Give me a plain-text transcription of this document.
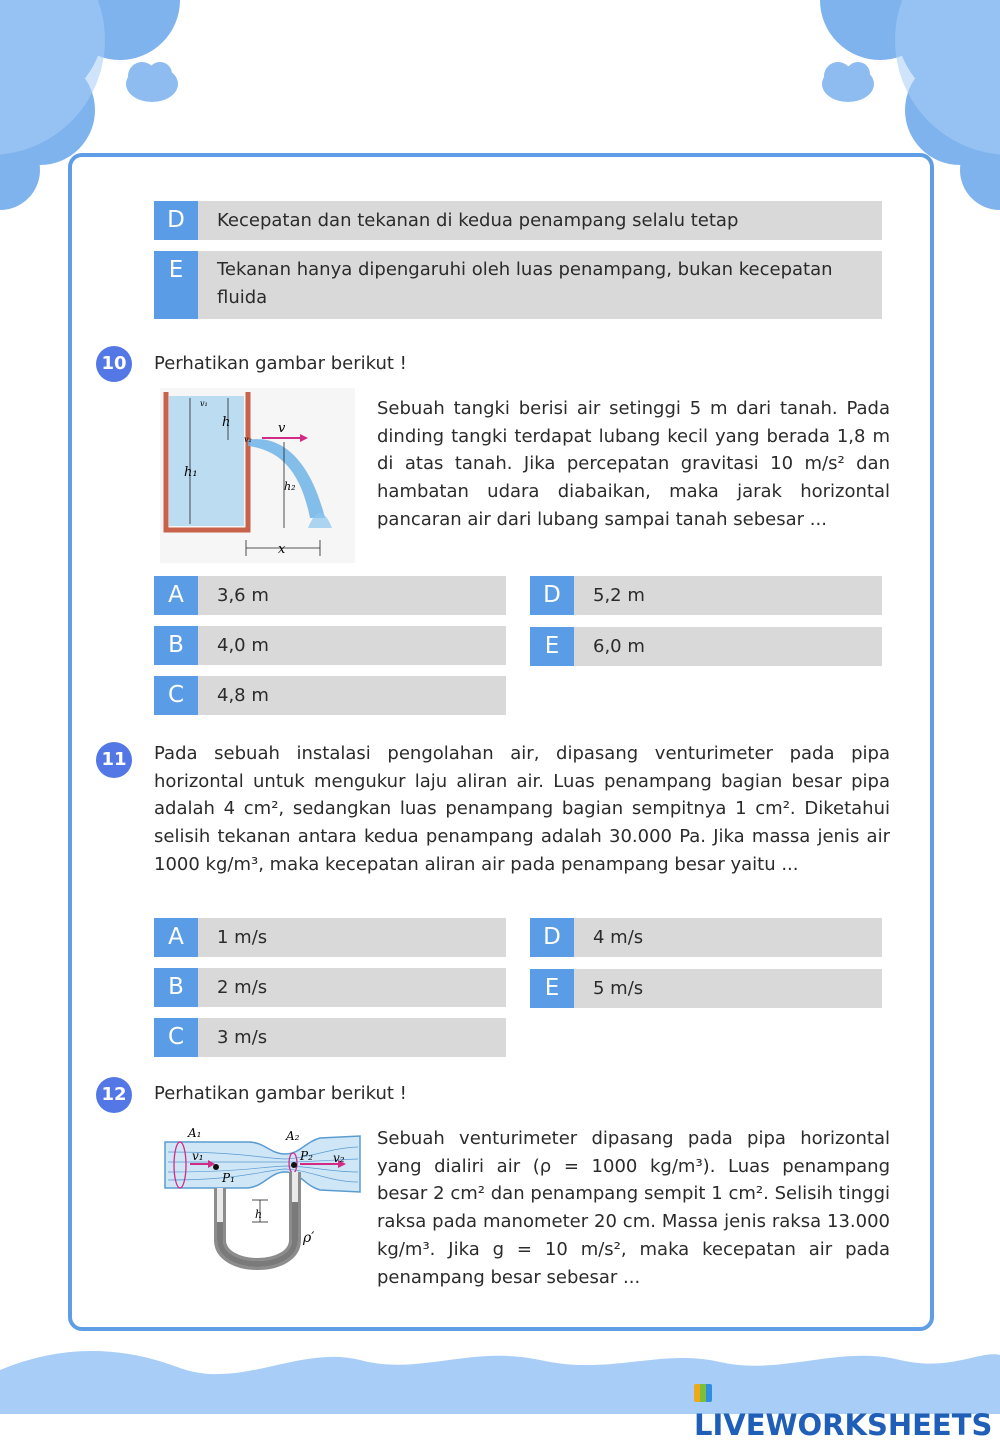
D	Kecepatan dan tekanan di kedua penampang selalu tetap
E	Tekanan hanya dipengaruhi oleh luas penampang, bukan kecepatan fluida
10	Perhatikan gambar berikut !
v₁
h
v₂
v
h₁
h₂
x
Sebuah tangki berisi air setinggi 5 m dari tanah. Pada dinding tangki terdapat lubang kecil yang berada 1,8 m di atas tanah. Jika percepatan gravitasi 10 m/s² dan hambatan udara diabaikan, maka jarak horizontal pancaran air dari lubang sampai tanah sebesar ...
A	3,6 m
B	4,0 m
C	4,8 m
D	5,2 m
E	6,0 m
11	Pada sebuah instalasi pengolahan air, dipasang venturimeter pada pipa horizontal untuk mengukur laju aliran air. Luas penampang bagian besar pipa adalah 4 cm², sedangkan luas penampang bagian sempitnya 1 cm². Diketahui selisih tekanan antara kedua penampang adalah 30.000 Pa. Jika massa jenis air 1000 kg/m³, maka kecepatan aliran air pada penampang besar yaitu ...
A	1 m/s
B	2 m/s
C	3 m/s
D	4 m/s
E	5 m/s
12	Perhatikan gambar berikut !
A₁	A₂
v₁	v₂
P₁
P₂
h
ρ′
Sebuah venturimeter dipasang pada pipa horizontal yang dialiri air (ρ = 1000 kg/m³). Luas penampang besar 2 cm² dan penampang sempit 1 cm². Selisih tinggi raksa pada manometer 20 cm. Massa jenis raksa 13.000 kg/m³. Jika g = 10 m/s², maka kecepatan air pada penampang besar sebesar ...
LIVEWORKSHEETS
